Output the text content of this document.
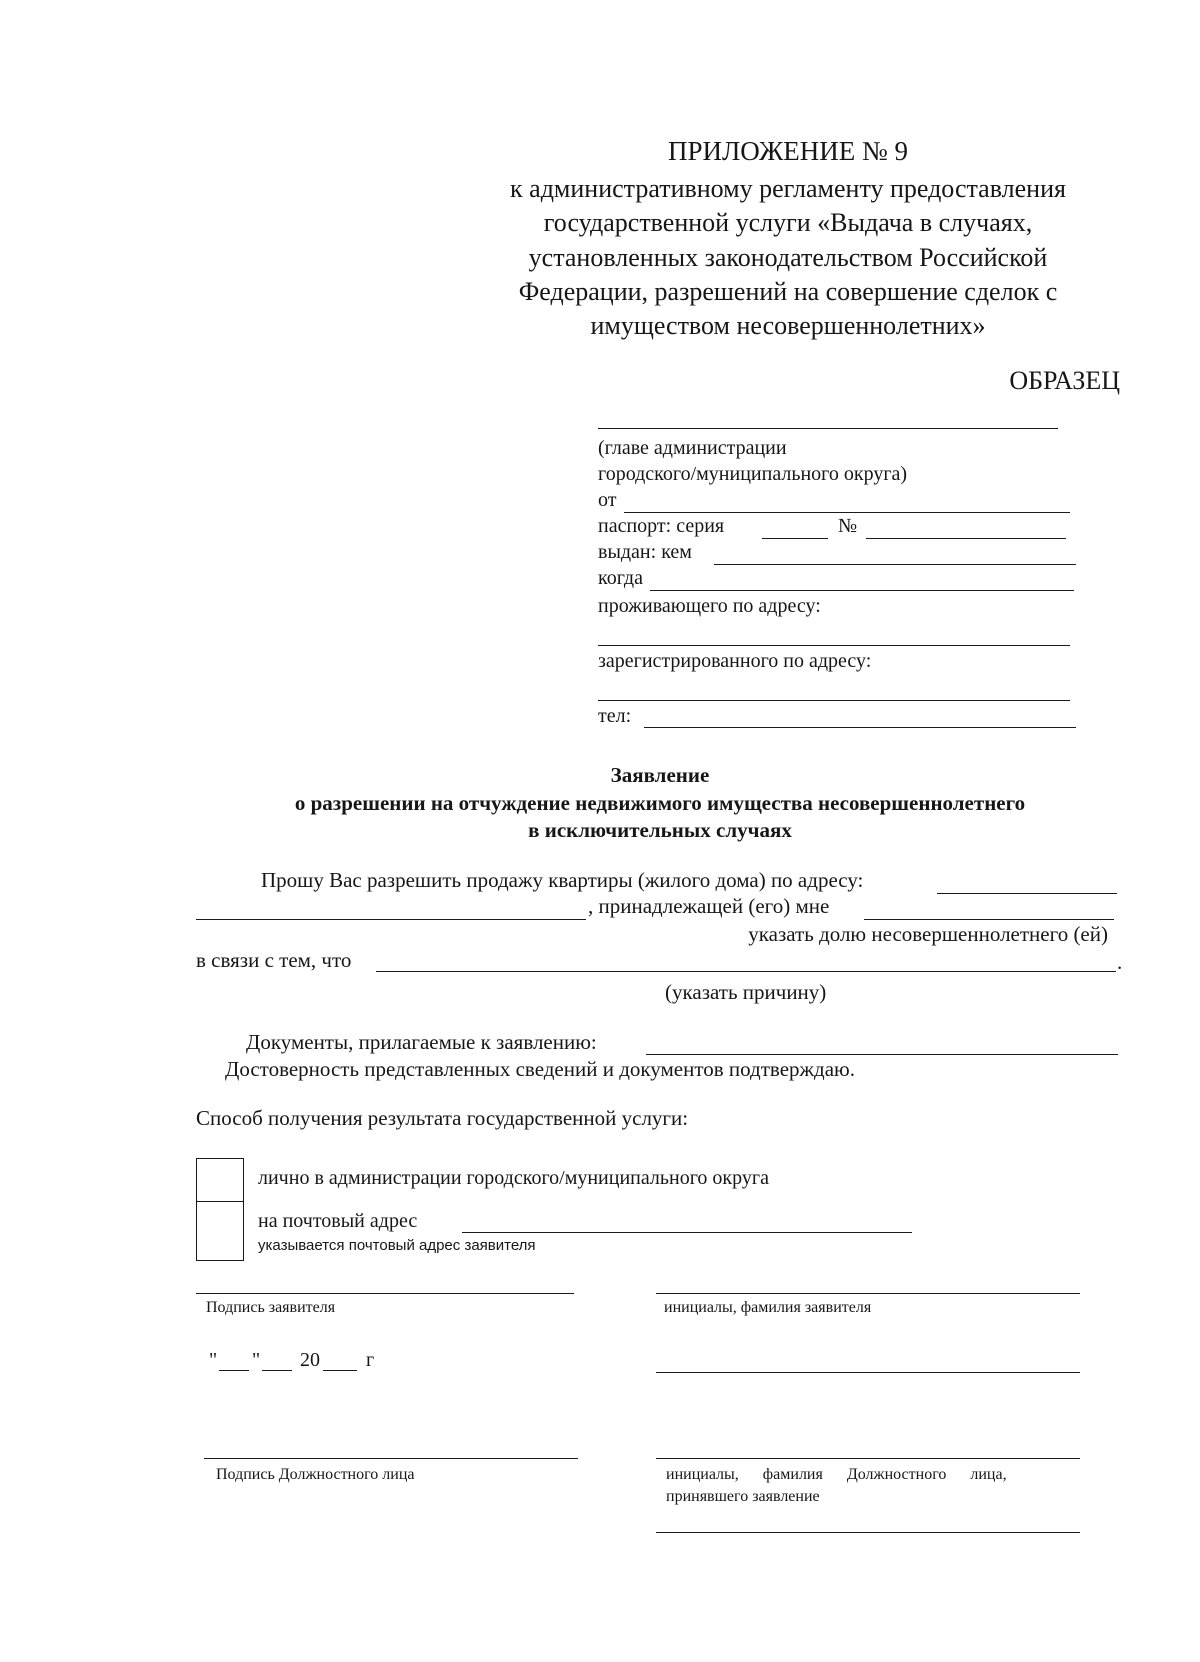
ПРИЛОЖЕНИЕ № 9
к административному регламенту предоставления
государственной услуги «Выдача в случаях,
установленных законодательством Российской
Федерации, разрешений на совершение сделок с
имуществом несовершеннолетних»
ОБРАЗЕЦ
(главе администрации
городского/муниципального округа)
от
паспорт: серия	№
выдан: кем
когда
проживающего по адресу:
зарегистрированного по адресу:
тел:
Заявление
о разрешении на отчуждение недвижимого имущества несовершеннолетнего
в исключительных случаях
Прошу Вас разрешить продажу квартиры (жилого дома) по адресу:
, принадлежащей (его) мне
указать долю несовершеннолетнего (ей)
в связи с тем, что	.
(указать причину)
Документы, прилагаемые к заявлению:
Достоверность представленных сведений и документов подтверждаю.
Способ получения результата государственной услуги:
лично в администрации городского/муниципального округа
на почтовый адрес
указывается почтовый адрес заявителя
Подпись заявителя	инициалы, фамилия заявителя
" " 20 г
Подпись Должностного лица	инициалы,      фамилия      Должностного      лица,
принявшего заявление
